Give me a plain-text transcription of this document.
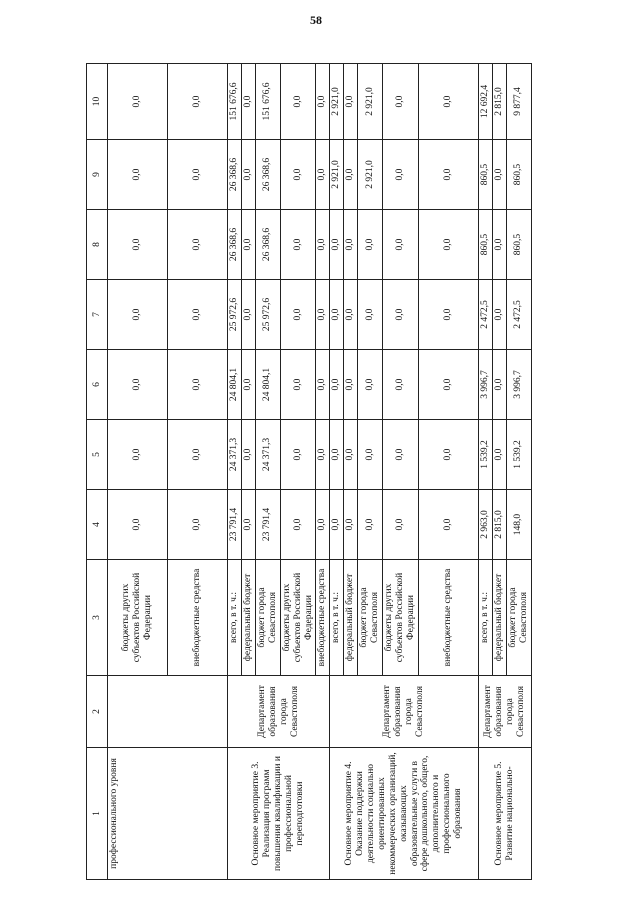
58
1	2	3	4	5	6	7	8	9	10
профессионального уровня		бюджеты других субъектов Российской Федерации	0,0	0,0	0,0	0,0	0,0	0,0	0,0
		внебюджетные средства	0,0	0,0	0,0	0,0	0,0	0,0	0,0
Основное мероприятие 3. Реализация программ повышения квалификации и профессиональной переподготовки	Департамент образования города Севастополя	всего, в т. ч.:	23 791,4	24 371,3	24 804,1	25 972,6	26 368,6	26 368,6	151 676,6
		федеральный бюджет	0,0	0,0	0,0	0,0	0,0	0,0	0,0
		бюджет города Севастополя	23 791,4	24 371,3	24 804,1	25 972,6	26 368,6	26 368,6	151 676,6
		бюджеты других субъектов Российской Федерации	0,0	0,0	0,0	0,0	0,0	0,0	0,0
		внебюджетные средства	0,0	0,0	0,0	0,0	0,0	0,0	0,0
Основное мероприятие 4. Оказание поддержки деятельности социально ориентированных некоммерческих организаций, оказывающих образовательные услуги в сфере дошкольного, общего, дополнительного и профессионального образования	Департамент образования города Севастополя	всего, в т. ч.:	0,0	0,0	0,0	0,0	0,0	2 921,0	2 921,0
		федеральный бюджет	0,0	0,0	0,0	0,0	0,0	0,0	0,0
		бюджет города Севастополя	0,0	0,0	0,0	0,0	0,0	2 921,0	2 921,0
		бюджеты других субъектов Российской Федерации	0,0	0,0	0,0	0,0	0,0	0,0	0,0
		внебюджетные средства	0,0	0,0	0,0	0,0	0,0	0,0	0,0
Основное мероприятие 5. Развитие национально-	Департамент образования города Севастополя	всего, в т. ч.:	2 963,0	1 539,2	3 996,7	2 472,5	860,5	860,5	12 692,4
		федеральный бюджет	2 815,0	0,0	0,0	0,0	0,0	0,0	2 815,0
		бюджет города Севастополя	148,0	1 539,2	3 996,7	2 472,5	860,5	860,5	9 877,4
